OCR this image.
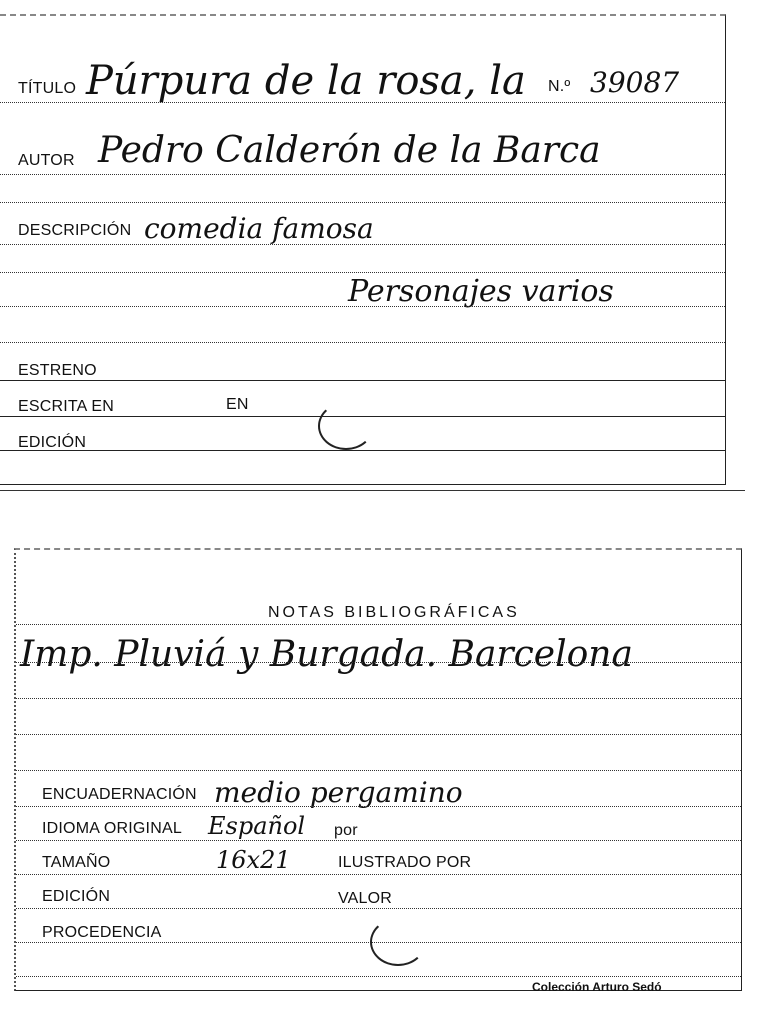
TÍTULO Púrpura de la rosa, la N.º 39087
AUTOR Pedro Calderón de la Barca
DESCRIPCIÓN comedia famosa
Personajes varios
ESTRENO
ESCRITA EN	EN
EDICIÓN
NOTAS BIBLIOGRÁFICAS
Imp. Pluviá y Burgada. Barcelona
ENCUADERNACIÓN medio pergamino
IDIOMA ORIGINAL Español por
TAMAÑO	16x21	ILUSTRADO POR
EDICIÓN	VALOR
PROCEDENCIA
Colección Arturo Sedó
